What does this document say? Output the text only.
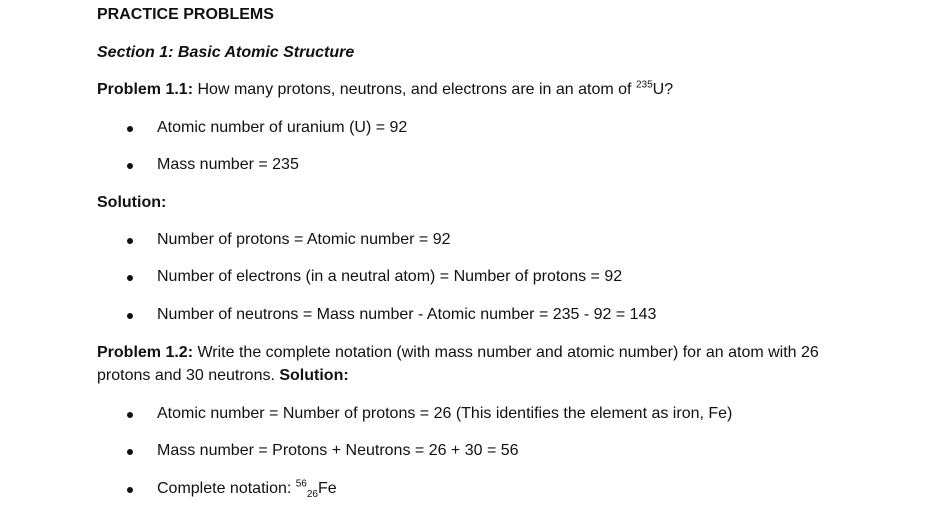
PRACTICE PROBLEMS
Section 1: Basic Atomic Structure
Problem 1.1: How many protons, neutrons, and electrons are in an atom of $^{235}$U?
Atomic number of uranium (U) = 92
Mass number = 235
Solution:
Number of protons = Atomic number = 92
Number of electrons (in a neutral atom) = Number of protons = 92
Number of neutrons = Mass number - Atomic number = 235 - 92 = 143
Problem 1.2: Write the complete notation (with mass number and atomic number) for an atom with 26 protons and 30 neutrons. Solution:
Atomic number = Number of protons = 26 (This identifies the element as iron, Fe)
Mass number = Protons + Neutrons = 26 + 30 = 56
Complete notation: $^{56}_{26}$Fe
